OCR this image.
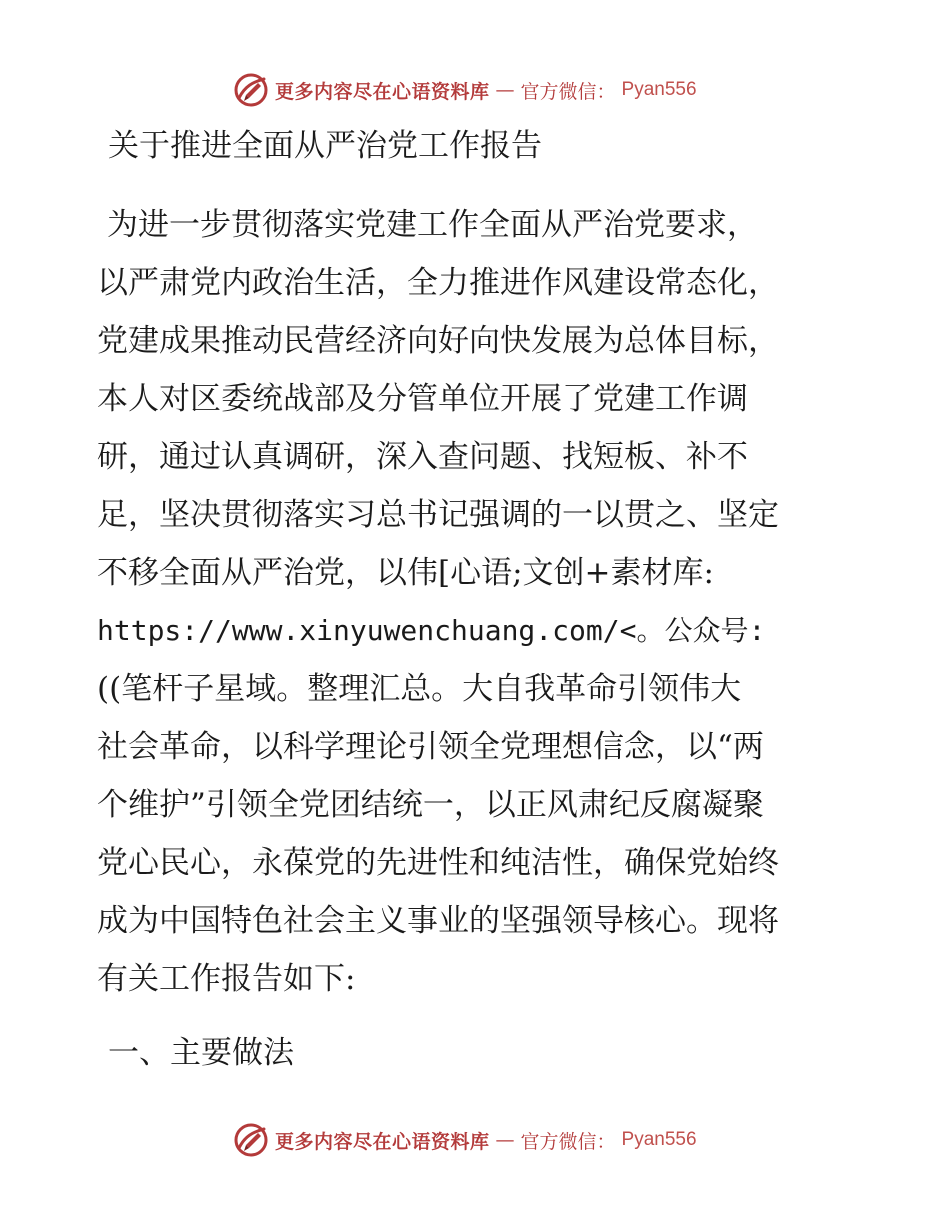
更多内容尽在心语资料库 — 官方微信： Pyan556
关于推进全面从严治党工作报告
为进一步贯彻落实党建工作全面从严治党要求，
以严肃党内政治生活，全力推进作风建设常态化，
党建成果推动民营经济向好向快发展为总体目标，
本人对区委统战部及分管单位开展了党建工作调
研，通过认真调研，深入查问题、找短板、补不
足，坚决贯彻落实习总书记强调的一以贯之、坚定
不移全面从严治党，以伟[心语;文创+素材库:
https://www.xinyuwenchuang.com/<。公众号:
((笔杆子星域。整理汇总。大自我革命引领伟大
社会革命，以科学理论引领全党理想信念，以“两
个维护”引领全党团结统一，以正风肃纪反腐凝聚
党心民心，永葆党的先进性和纯洁性，确保党始终
成为中国特色社会主义事业的坚强领导核心。现将
有关工作报告如下:
一、主要做法
更多内容尽在心语资料库 — 官方微信： Pyan556
